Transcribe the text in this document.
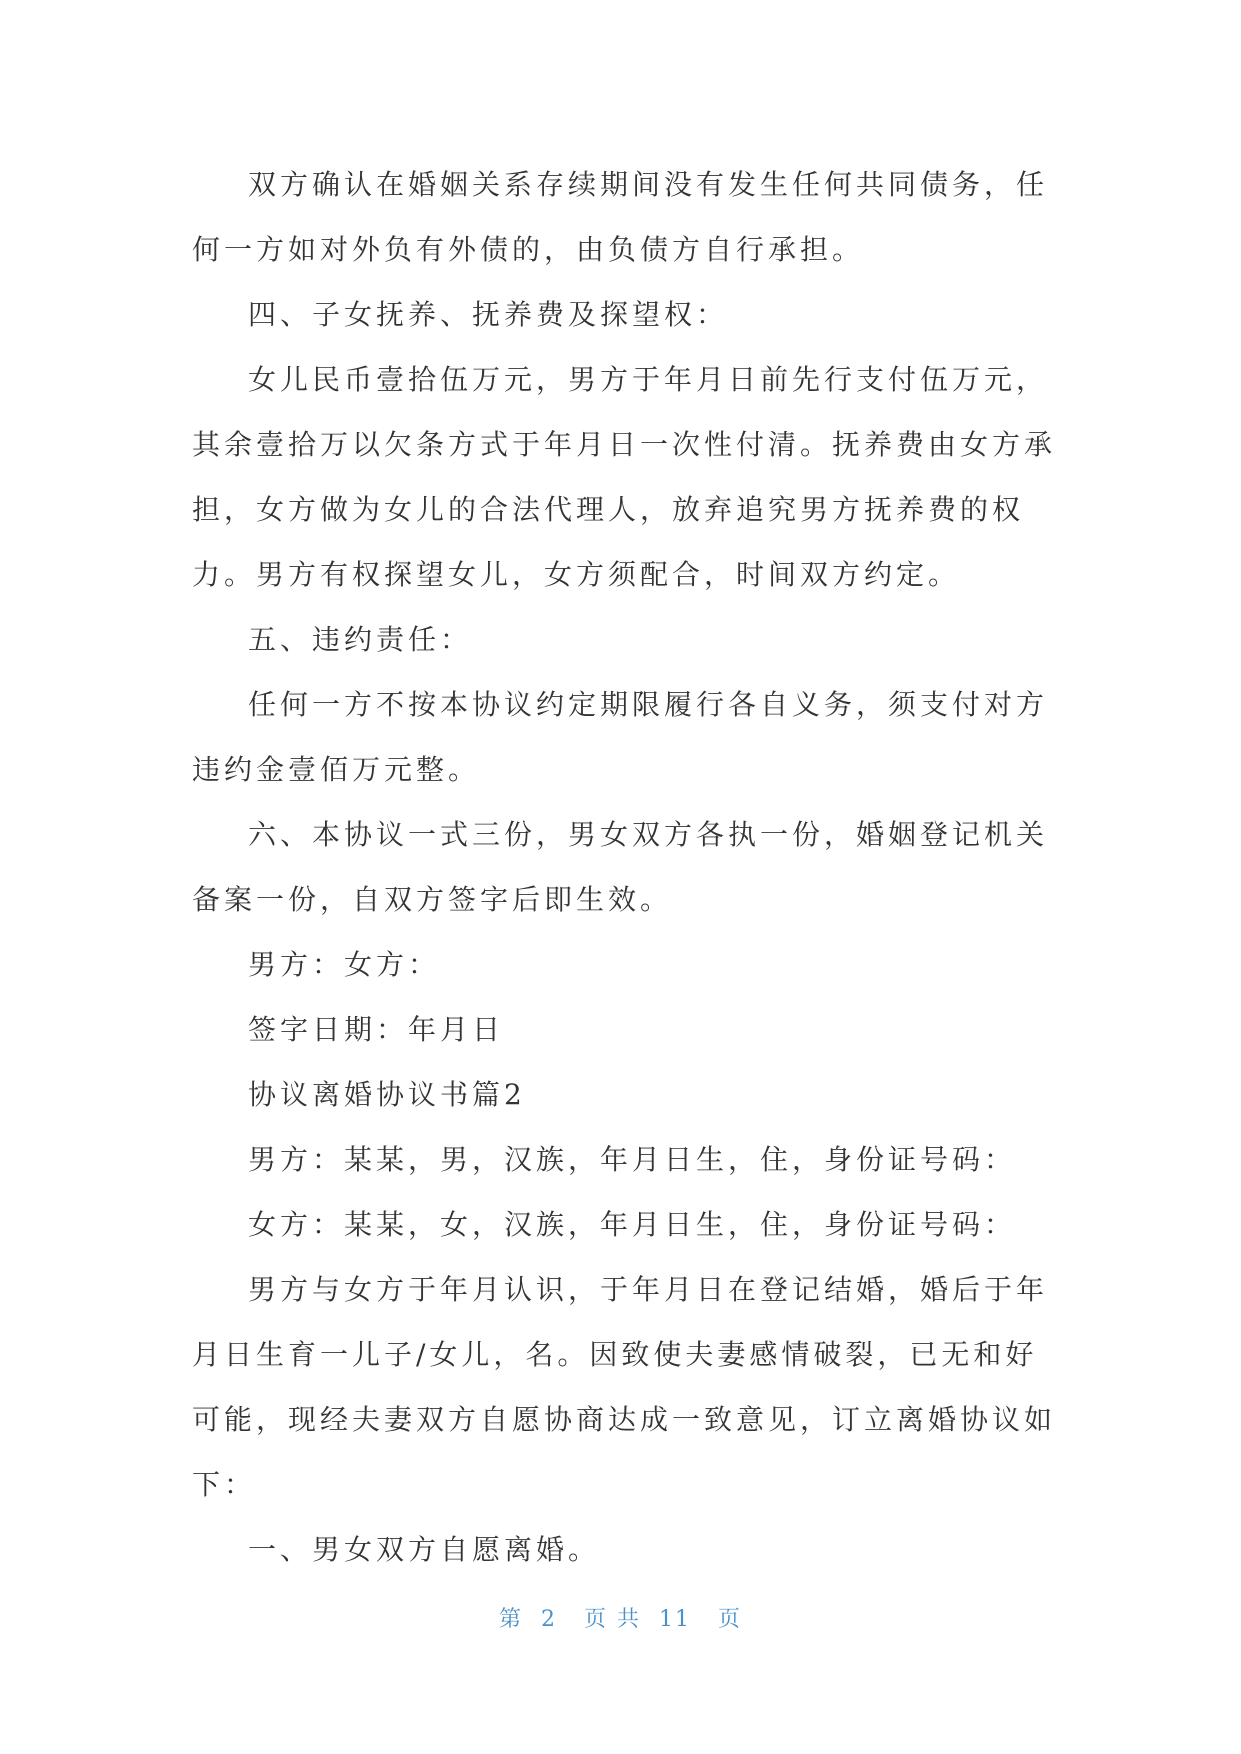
双方确认在婚姻关系存续期间没有发生任何共同债务，任何一方如对外负有外债的，由负债方自行承担。

四、子女抚养、抚养费及探望权：

女儿民币壹拾伍万元，男方于年月日前先行支付伍万元，其余壹拾万以欠条方式于年月日一次性付清。抚养费由女方承担，女方做为女儿的合法代理人，放弃追究男方抚养费的权力。男方有权探望女儿，女方须配合，时间双方约定。

五、违约责任：

任何一方不按本协议约定期限履行各自义务，须支付对方违约金壹佰万元整。

六、本协议一式三份，男女双方各执一份，婚姻登记机关备案一份，自双方签字后即生效。

男方：女方：

签字日期：年月日

协议离婚协议书篇2

男方：某某，男，汉族，年月日生，住，身份证号码：

女方：某某，女，汉族，年月日生，住，身份证号码：

男方与女方于年月认识，于年月日在登记结婚，婚后于年月日生育一儿子/女儿，名。因致使夫妻感情破裂，已无和好可能，现经夫妻双方自愿协商达成一致意见，订立离婚协议如下：

一、男女双方自愿离婚。

第  2   页 共  11   页
